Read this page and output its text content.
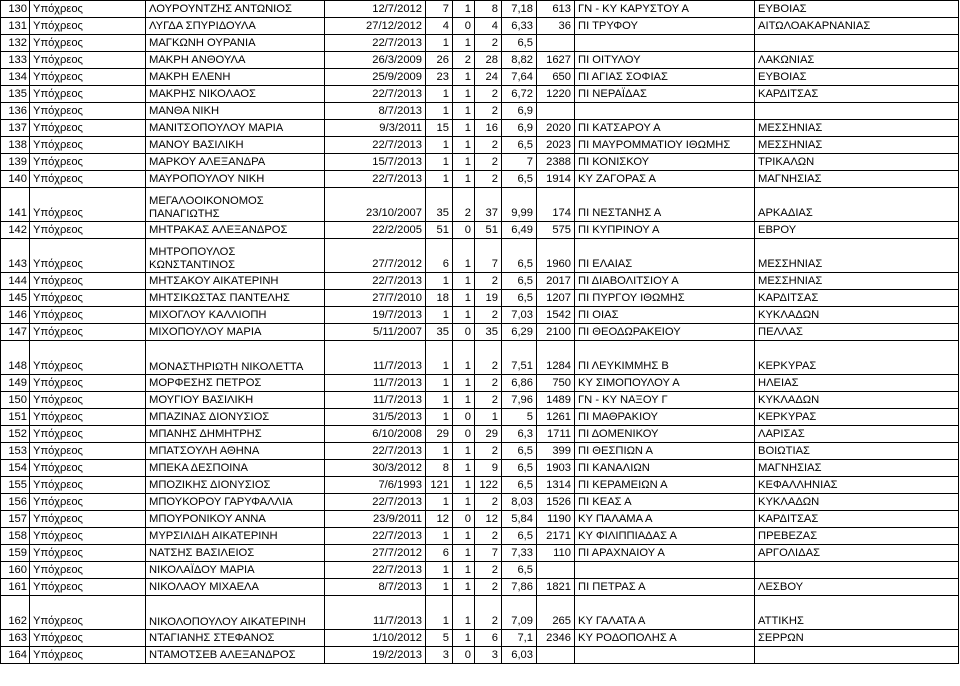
130	Υπόχρεος	ΛΟΥΡΟΥΝΤΖΗΣ ΑΝΤΩΝΙΟΣ	12/7/2012	7	1	8	7,18	613	ΓΝ - ΚΥ ΚΑΡΥΣΤΟΥ Α	ΕΥΒΟΙΑΣ
131	Υπόχρεος	ΛΥΓΔΑ ΣΠΥΡΙΔΟΥΛΑ	27/12/2012	4	0	4	6,33	36	ΠΙ ΤΡΥΦΟΥ	ΑΙΤΩΛΟΑΚΑΡΝΑΝΙΑΣ
132	Υπόχρεος	ΜΑΓΚΩΝΗ ΟΥΡΑΝΙΑ	22/7/2013	1	1	2	6,5			
133	Υπόχρεος	ΜΑΚΡΗ ΑΝΘΟΥΛΑ	26/3/2009	26	2	28	8,82	1627	ΠΙ ΟΙΤΥΛΟΥ	ΛΑΚΩΝΙΑΣ
134	Υπόχρεος	ΜΑΚΡΗ ΕΛΕΝΗ	25/9/2009	23	1	24	7,64	650	ΠΙ ΑΓΙΑΣ ΣΟΦΙΑΣ	ΕΥΒΟΙΑΣ
135	Υπόχρεος	ΜΑΚΡΗΣ ΝΙΚΟΛΑΟΣ	22/7/2013	1	1	2	6,72	1220	ΠΙ ΝΕΡΑΪΔΑΣ	ΚΑΡΔΙΤΣΑΣ
136	Υπόχρεος	ΜΑΝΘΑ ΝΙΚΗ	8/7/2013	1	1	2	6,9			
137	Υπόχρεος	ΜΑΝΙΤΣΟΠΟΥΛΟΥ ΜΑΡΙΑ	9/3/2011	15	1	16	6,9	2020	ΠΙ ΚΑΤΣΑΡΟΥ Α	ΜΕΣΣΗΝΙΑΣ
138	Υπόχρεος	ΜΑΝΟΥ ΒΑΣΙΛΙΚΗ	22/7/2013	1	1	2	6,5	2023	ΠΙ ΜΑΥΡΟΜΜΑΤΙΟΥ ΙΘΩΜΗΣ	ΜΕΣΣΗΝΙΑΣ
139	Υπόχρεος	ΜΑΡΚΟΥ ΑΛΕΞΑΝΔΡΑ	15/7/2013	1	1	2	7	2388	ΠΙ ΚΟΝΙΣΚΟΥ	ΤΡΙΚΑΛΩΝ
140	Υπόχρεος	ΜΑΥΡΟΠΟΥΛΟΥ ΝΙΚΗ	22/7/2013	1	1	2	6,5	1914	ΚΥ ΖΑΓΟΡΑΣ Α	ΜΑΓΝΗΣΙΑΣ
141	Υπόχρεος	ΜΕΓΑΛΟΟΙΚΟΝΟΜΟΣ ΠΑΝΑΓΙΩΤΗΣ	23/10/2007	35	2	37	9,99	174	ΠΙ ΝΕΣΤΑΝΗΣ Α	ΑΡΚΑΔΙΑΣ
142	Υπόχρεος	ΜΗΤΡΑΚΑΣ ΑΛΕΞΑΝΔΡΟΣ	22/2/2005	51	0	51	6,49	575	ΠΙ ΚΥΠΡΙΝΟΥ Α	ΕΒΡΟΥ
143	Υπόχρεος	ΜΗΤΡΟΠΟΥΛΟΣ ΚΩΝΣΤΑΝΤΙΝΟΣ	27/7/2012	6	1	7	6,5	1960	ΠΙ ΕΛΑΙΑΣ	ΜΕΣΣΗΝΙΑΣ
144	Υπόχρεος	ΜΗΤΣΑΚΟΥ ΑΙΚΑΤΕΡΙΝΗ	22/7/2013	1	1	2	6,5	2017	ΠΙ ΔΙΑΒΟΛΙΤΣΙΟΥ Α	ΜΕΣΣΗΝΙΑΣ
145	Υπόχρεος	ΜΗΤΣΙΚΩΣΤΑΣ ΠΑΝΤΕΛΗΣ	27/7/2010	18	1	19	6,5	1207	ΠΙ ΠΥΡΓΟΥ ΙΘΩΜΗΣ	ΚΑΡΔΙΤΣΑΣ
146	Υπόχρεος	ΜΙΧΟΓΛΟΥ ΚΑΛΛΙΟΠΗ	19/7/2013	1	1	2	7,03	1542	ΠΙ ΟΙΑΣ	ΚΥΚΛΑΔΩΝ
147	Υπόχρεος	ΜΙΧΟΠΟΥΛΟΥ ΜΑΡΙΑ	5/11/2007	35	0	35	6,29	2100	ΠΙ ΘΕΟΔΩΡΑΚΕΙΟΥ	ΠΕΛΛΑΣ
148	Υπόχρεος	ΜΟΝΑΣΤΗΡΙΩΤΗ ΝΙΚΟΛΕΤΤΑ	11/7/2013	1	1	2	7,51	1284	ΠΙ ΛΕΥΚΙΜΜΗΣ Β	ΚΕΡΚΥΡΑΣ
149	Υπόχρεος	ΜΟΡΦΕΣΗΣ ΠΕΤΡΟΣ	11/7/2013	1	1	2	6,86	750	ΚΥ ΣΙΜΟΠΟΥΛΟΥ Α	ΗΛΕΙΑΣ
150	Υπόχρεος	ΜΟΥΓΙΟΥ ΒΑΣΙΛΙΚΗ	11/7/2013	1	1	2	7,96	1489	ΓΝ - ΚΥ ΝΑΞΟΥ Γ	ΚΥΚΛΑΔΩΝ
151	Υπόχρεος	ΜΠΑΖΙΝΑΣ ΔΙΟΝΥΣΙΟΣ	31/5/2013	1	0	1	5	1261	ΠΙ ΜΑΘΡΑΚΙΟΥ	ΚΕΡΚΥΡΑΣ
152	Υπόχρεος	ΜΠΑΝΗΣ ΔΗΜΗΤΡΗΣ	6/10/2008	29	0	29	6,3	1711	ΠΙ ΔΟΜΕΝΙΚΟΥ	ΛΑΡΙΣΑΣ
153	Υπόχρεος	ΜΠΑΤΣΟΥΛΗ ΑΘΗΝΑ	22/7/2013	1	1	2	6,5	399	ΠΙ ΘΕΣΠΙΩΝ Α	ΒΟΙΩΤΙΑΣ
154	Υπόχρεος	ΜΠΕΚΑ ΔΕΣΠΟΙΝΑ	30/3/2012	8	1	9	6,5	1903	ΠΙ ΚΑΝΑΛΙΩΝ	ΜΑΓΝΗΣΙΑΣ
155	Υπόχρεος	ΜΠΟΖΙΚΗΣ ΔΙΟΝΥΣΙΟΣ	7/6/1993	121	1	122	6,5	1314	ΠΙ ΚΕΡΑΜΕΙΩΝ Α	ΚΕΦΑΛΛΗΝΙΑΣ
156	Υπόχρεος	ΜΠΟΥΚΟΡΟΥ ΓΑΡΥΦΑΛΛΙΑ	22/7/2013	1	1	2	8,03	1526	ΠΙ ΚΕΑΣ Α	ΚΥΚΛΑΔΩΝ
157	Υπόχρεος	ΜΠΟΥΡΟΝΙΚΟΥ ΑΝΝΑ	23/9/2011	12	0	12	5,84	1190	ΚΥ ΠΑΛΑΜΑ Α	ΚΑΡΔΙΤΣΑΣ
158	Υπόχρεος	ΜΥΡΣΙΛΙΔΗ ΑΙΚΑΤΕΡΙΝΗ	22/7/2013	1	1	2	6,5	2171	ΚΥ ΦΙΛΙΠΠΙΑΔΑΣ Α	ΠΡΕΒΕΖΑΣ
159	Υπόχρεος	ΝΑΤΣΗΣ ΒΑΣΙΛΕΙΟΣ	27/7/2012	6	1	7	7,33	110	ΠΙ ΑΡΑΧΝΑΙΟΥ Α	ΑΡΓΟΛΙΔΑΣ
160	Υπόχρεος	ΝΙΚΟΛΑΪΔΟΥ ΜΑΡΙΑ	22/7/2013	1	1	2	6,5			
161	Υπόχρεος	ΝΙΚΟΛΑΟΥ ΜΙΧΑΕΛΑ	8/7/2013	1	1	2	7,86	1821	ΠΙ ΠΕΤΡΑΣ Α	ΛΕΣΒΟΥ
162	Υπόχρεος	ΝΙΚΟΛΟΠΟΥΛΟΥ ΑΙΚΑΤΕΡΙΝΗ	11/7/2013	1	1	2	7,09	265	ΚΥ ΓΑΛΑΤΑ Α	ΑΤΤΙΚΗΣ
163	Υπόχρεος	ΝΤΑΓΙΑΝΗΣ ΣΤΕΦΑΝΟΣ	1/10/2012	5	1	6	7,1	2346	ΚΥ ΡΟΔΟΠΟΛΗΣ Α	ΣΕΡΡΩΝ
164	Υπόχρεος	ΝΤΑΜΟΤΣΕΒ ΑΛΕΞΑΝΔΡΟΣ	19/2/2013	3	0	3	6,03			
